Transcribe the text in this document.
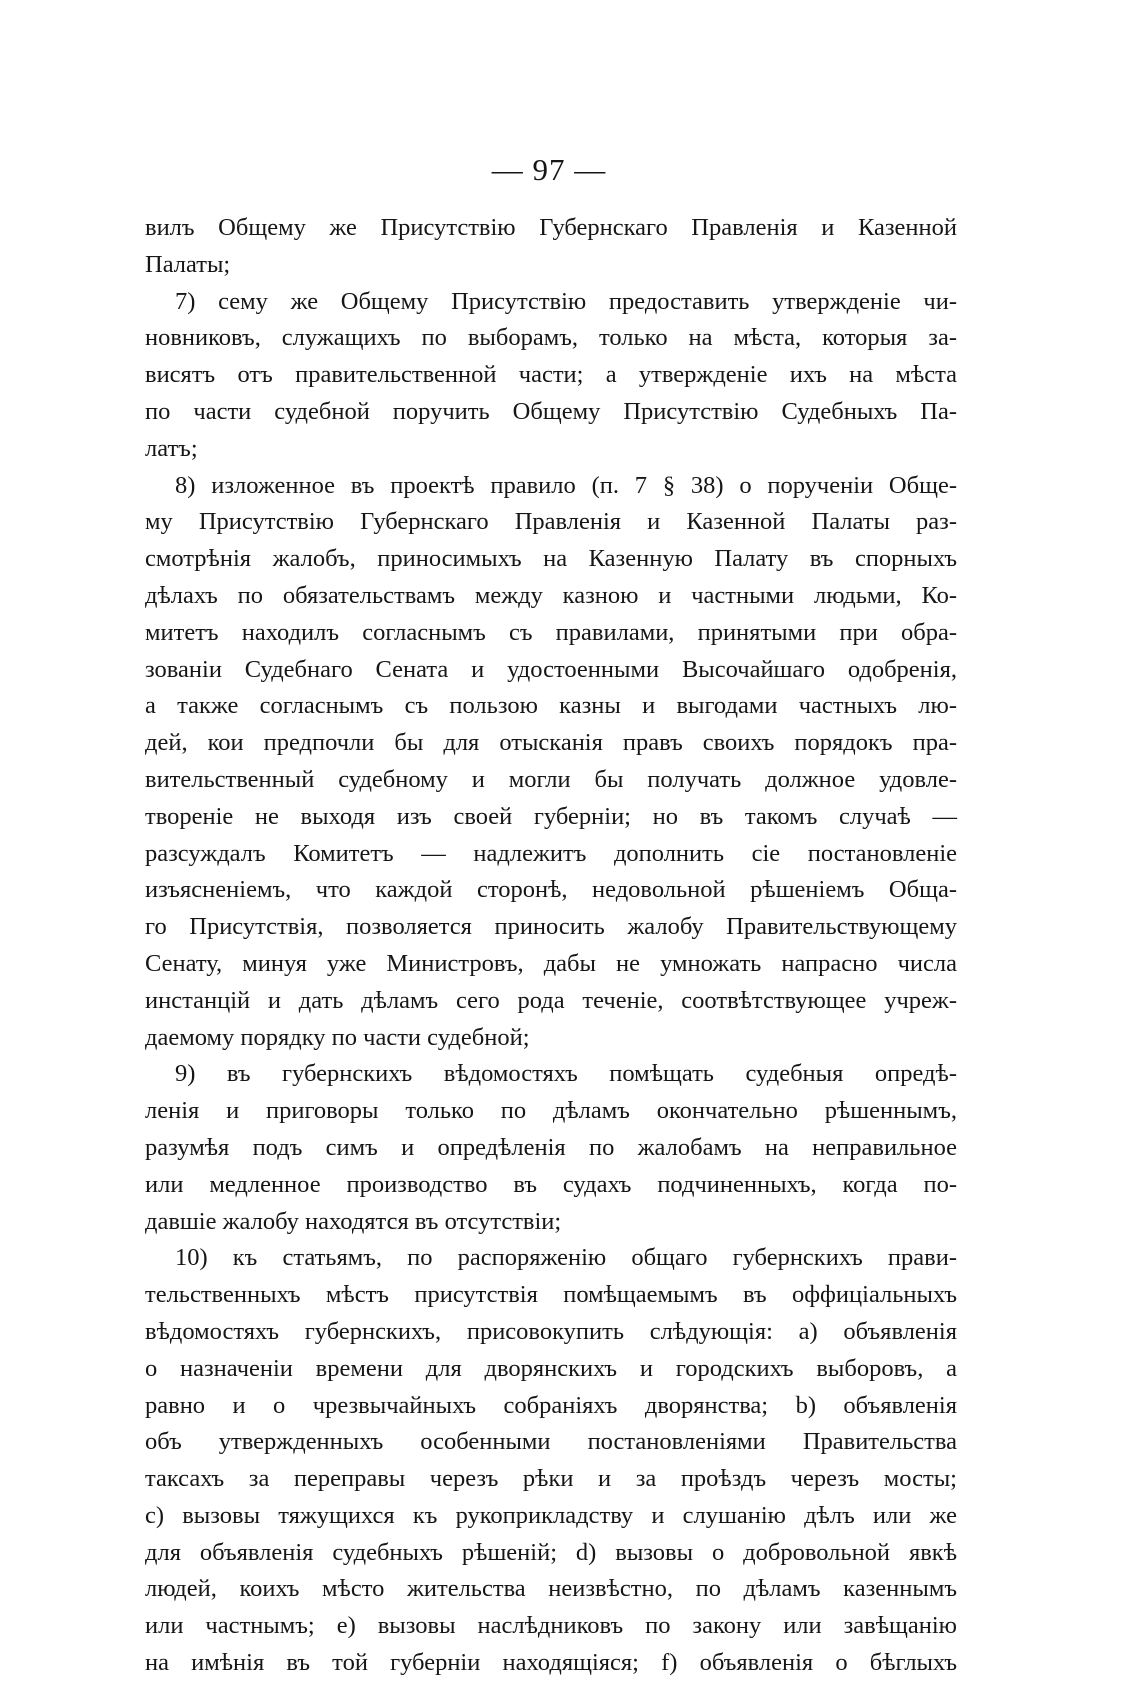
— 97 —
вилъ Общему же Присутствію Губернскаго Правленія и Казенной
Палаты;
7) сему же Общему Присутствію предоставить утвержденіе чи-
новниковъ, служащихъ по выборамъ, только на мѣста, которыя за-
висятъ отъ правительственной части; а утвержденіе ихъ на мѣста
по части судебной поручить Общему Присутствію Судебныхъ Па-
латъ;
8) изложенное въ проектѣ правило (п. 7 § 38) о порученіи Обще-
му Присутствію Губернскаго Правленія и Казенной Палаты раз-
смотрѣнія жалобъ, приносимыхъ на Казенную Палату въ спорныхъ
дѣлахъ по обязательствамъ между казною и частными людьми, Ко-
митетъ находилъ согласнымъ съ правилами, принятыми при обра-
зованіи Судебнаго Сената и удостоенными Высочайшаго одобренія,
а также согласнымъ съ пользою казны и выгодами частныхъ лю-
дей, кои предпочли бы для отысканія правъ своихъ порядокъ пра-
вительственный судебному и могли бы получать должное удовле-
твореніе не выходя изъ своей губерніи; но въ такомъ случаѣ —
разсуждалъ Комитетъ — надлежитъ дополнить сіе постановленіе
изъясненіемъ, что каждой сторонѣ, недовольной рѣшеніемъ Обща-
го Присутствія, позволяется приносить жалобу Правительствующему
Сенату, минуя уже Министровъ, дабы не умножать напрасно числа
инстанцій и дать дѣламъ сего рода теченіе, соотвѣтствующее учреж-
даемому порядку по части судебной;
9) въ губернскихъ вѣдомостяхъ помѣщать судебныя опредѣ-
ленія и приговоры только по дѣламъ окончательно рѣшеннымъ,
разумѣя подъ симъ и опредѣленія по жалобамъ на неправильное
или медленное производство въ судахъ подчиненныхъ, когда по-
давшіе жалобу находятся въ отсутствіи;
10) къ статьямъ, по распоряженію общаго губернскихъ прави-
тельственныхъ мѣстъ присутствія помѣщаемымъ въ оффиціальныхъ
вѣдомостяхъ губернскихъ, присовокупить слѣдующія: a) объявленія
о назначеніи времени для дворянскихъ и городскихъ выборовъ, а
равно и о чрезвычайныхъ собраніяхъ дворянства; b) объявленія
объ утвержденныхъ особенными постановленіями Правительства
таксахъ за переправы черезъ рѣки и за проѣздъ черезъ мосты;
c) вызовы тяжущихся къ рукоприкладству и слушанію дѣлъ или же
для объявленія судебныхъ рѣшеній; d) вызовы о добровольной явкѣ
людей, коихъ мѣсто жительства неизвѣстно, по дѣламъ казеннымъ
или частнымъ; e) вызовы наслѣдниковъ по закону или завѣщанію
на имѣнія въ той губерніи находящіяся; f) объявленія о бѣглыхъ
